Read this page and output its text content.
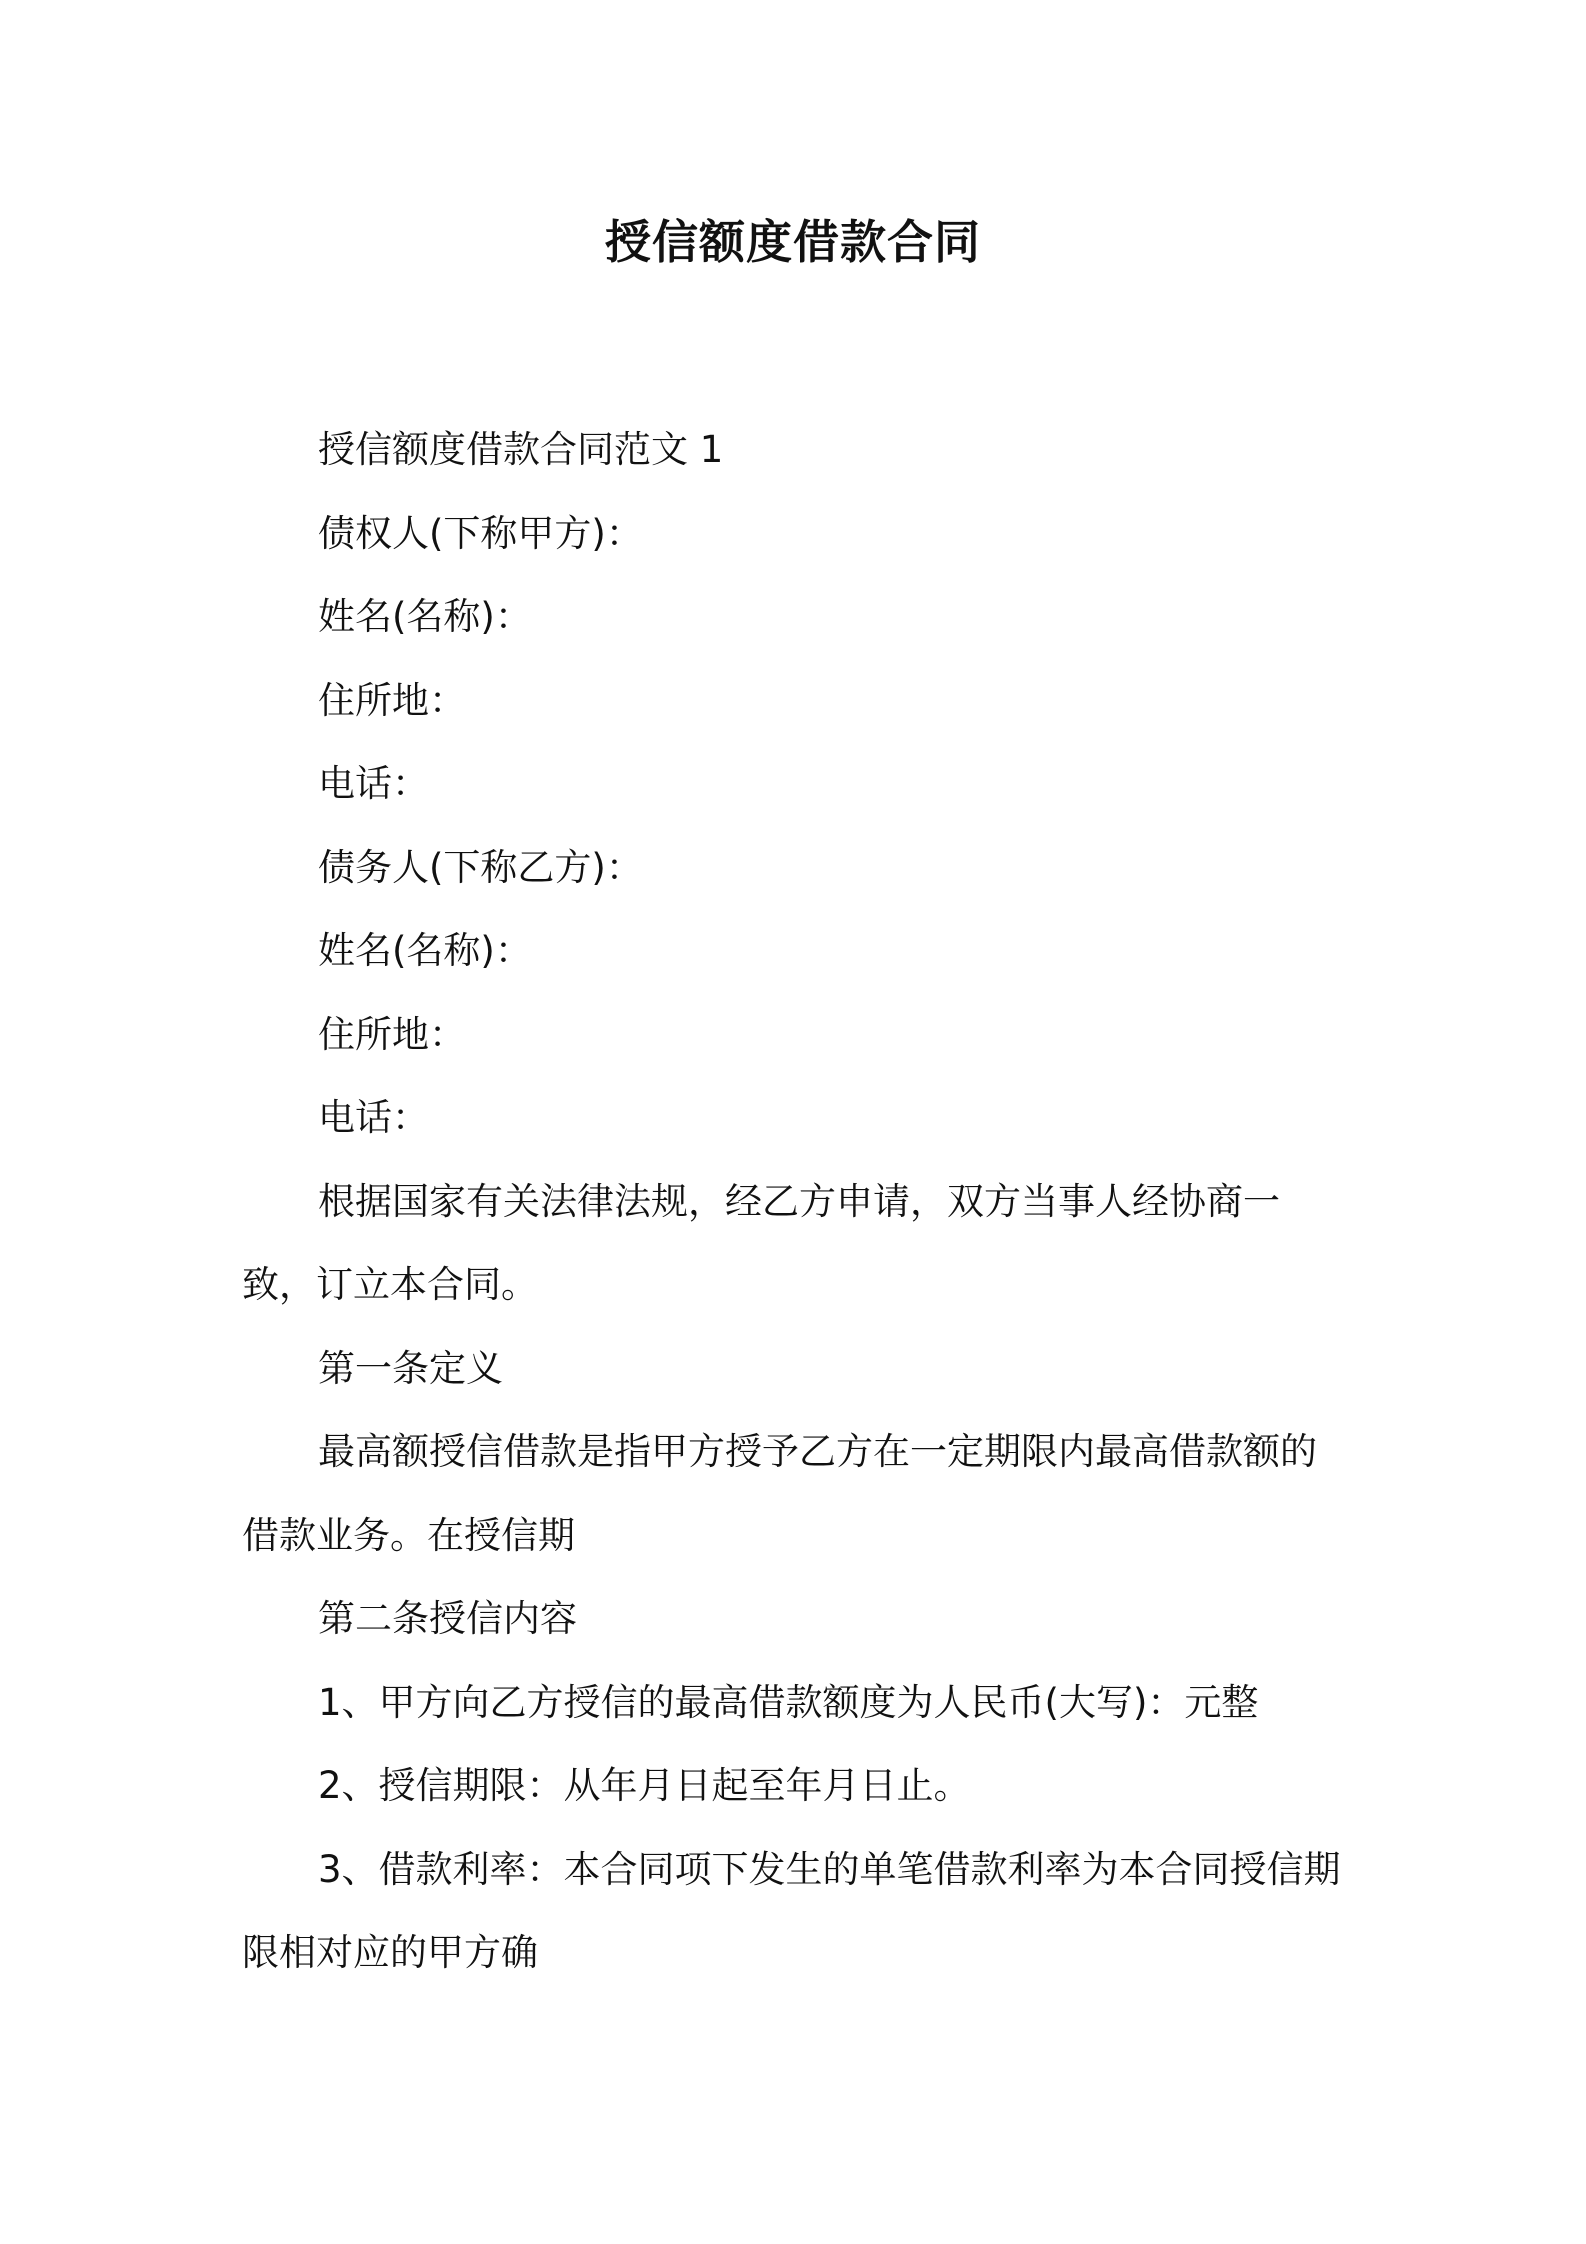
授信额度借款合同

授信额度借款合同范文 1

债权人(下称甲方)：

姓名(名称)：

住所地：

电话：

债务人(下称乙方)：

姓名(名称)：

住所地：

电话：

根据国家有关法律法规，经乙方申请，双方当事人经协商一致，订立本合同。

第一条定义

最高额授信借款是指甲方授予乙方在一定期限内最高借款额的借款业务。在授信期

第二条授信内容

1、甲方向乙方授信的最高借款额度为人民币(大写)：元整

2、授信期限：从年月日起至年月日止。

3、借款利率：本合同项下发生的单笔借款利率为本合同授信期限相对应的甲方确
